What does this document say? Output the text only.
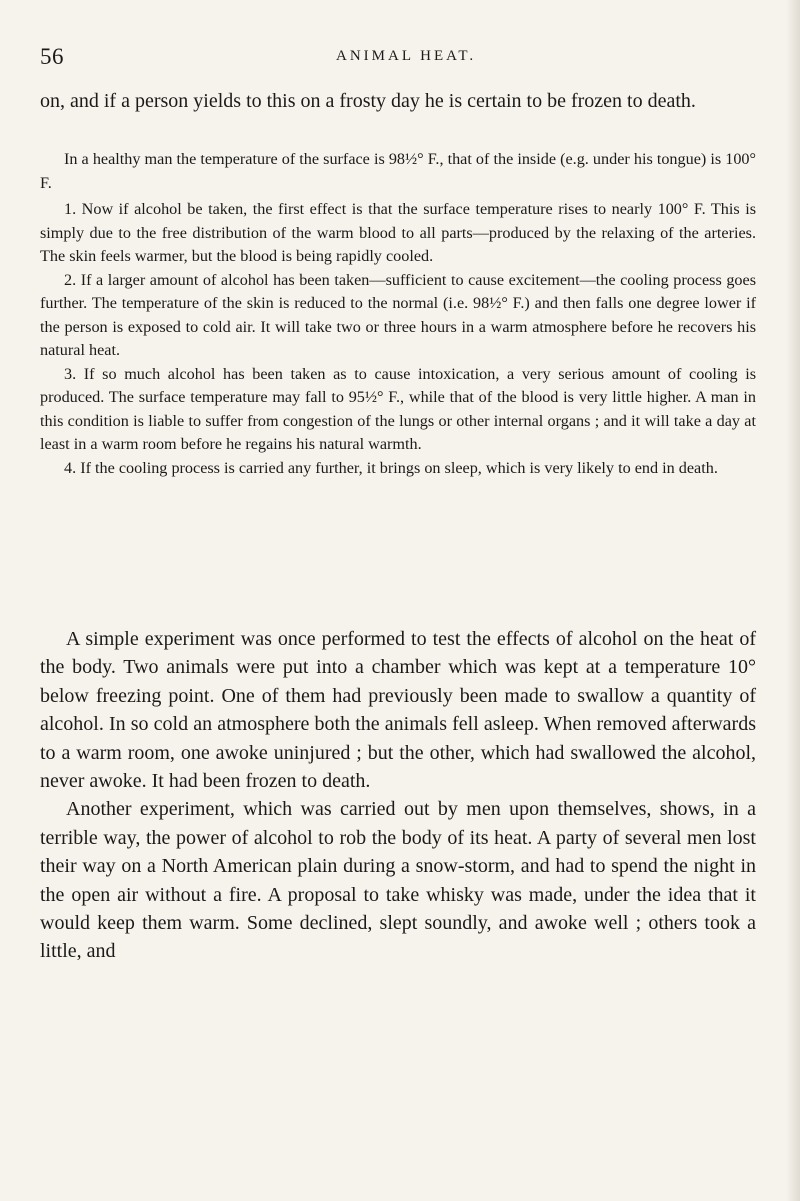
56	ANIMAL HEAT.

on, and if a person yields to this on a frosty day he is certain to be frozen to death.

In a healthy man the temperature of the surface is 98½° F., that of the inside (e.g. under his tongue) is 100° F.

1. Now if alcohol be taken, the first effect is that the surface temperature rises to nearly 100° F. This is simply due to the free distribution of the warm blood to all parts—produced by the relaxing of the arteries. The skin feels warmer, but the blood is being rapidly cooled.

2. If a larger amount of alcohol has been taken—sufficient to cause excitement—the cooling process goes further. The temperature of the skin is reduced to the normal (i.e. 98½° F.) and then falls one degree lower if the person is exposed to cold air. It will take two or three hours in a warm atmosphere before he recovers his natural heat.

3. If so much alcohol has been taken as to cause intoxication, a very serious amount of cooling is produced. The surface temperature may fall to 95½° F., while that of the blood is very little higher. A man in this condition is liable to suffer from congestion of the lungs or other internal organs ; and it will take a day at least in a warm room before he regains his natural warmth.

4. If the cooling process is carried any further, it brings on sleep, which is very likely to end in death.

A simple experiment was once performed to test the effects of alcohol on the heat of the body. Two animals were put into a chamber which was kept at a temperature 10° below freezing point. One of them had previously been made to swallow a quantity of alcohol. In so cold an atmosphere both the animals fell asleep. When removed afterwards to a warm room, one awoke uninjured ; but the other, which had swallowed the alcohol, never awoke. It had been frozen to death.

Another experiment, which was carried out by men upon themselves, shows, in a terrible way, the power of alcohol to rob the body of its heat. A party of several men lost their way on a North American plain during a snow-storm, and had to spend the night in the open air without a fire. A proposal to take whisky was made, under the idea that it would keep them warm. Some declined, slept soundly, and awoke well ; others took a little, and
